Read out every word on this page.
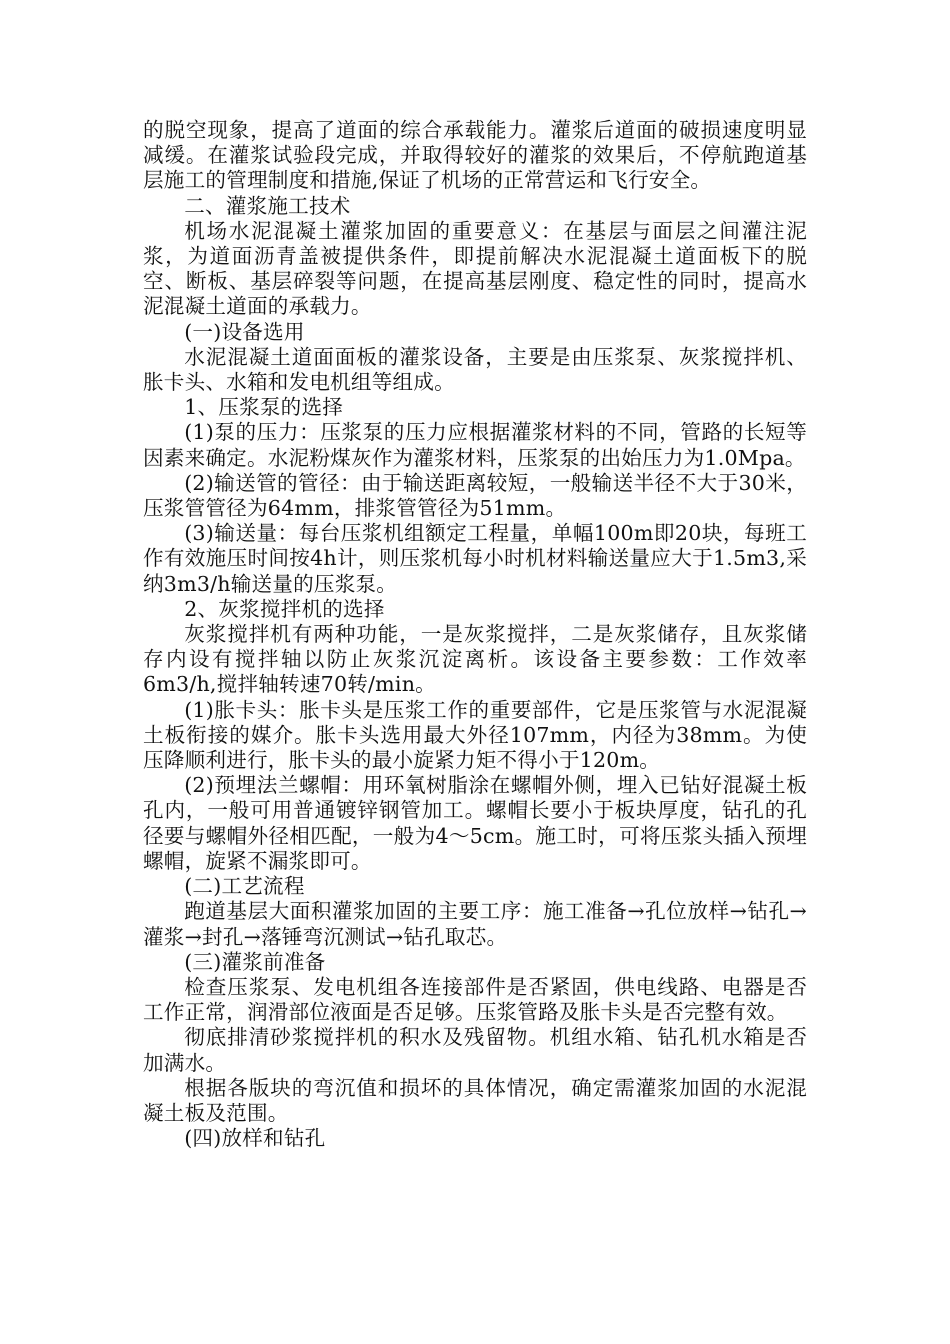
的脱空现象，提高了道面的综合承载能力。灌浆后道面的破损速度明显减缓。在灌浆试验段完成，并取得较好的灌浆的效果后，不停航跑道基层施工的管理制度和措施,保证了机场的正常营运和飞行安全。

二、灌浆施工技术

机场水泥混凝土灌浆加固的重要意义：在基层与面层之间灌注泥浆，为道面沥青盖被提供条件，即提前解决水泥混凝土道面板下的脱空、断板、基层碎裂等问题，在提高基层刚度、稳定性的同时，提高水泥混凝土道面的承载力。

(一)设备选用

水泥混凝土道面面板的灌浆设备，主要是由压浆泵、灰浆搅拌机、胀卡头、水箱和发电机组等组成。

1、压浆泵的选择

(1)泵的压力：压浆泵的压力应根据灌浆材料的不同，管路的长短等因素来确定。水泥粉煤灰作为灌浆材料，压浆泵的出始压力为1.0Mpa。

(2)输送管的管径：由于输送距离较短，一般输送半径不大于30米，压浆管管径为64mm，排浆管管径为51mm。

(3)输送量：每台压浆机组额定工程量，单幅100m即20块，每班工作有效施压时间按4h计，则压浆机每小时机材料输送量应大于1.5m3,采纳3m3/h输送量的压浆泵。

2、灰浆搅拌机的选择

灰浆搅拌机有两种功能，一是灰浆搅拌，二是灰浆储存，且灰浆储存内设有搅拌轴以防止灰浆沉淀离析。该设备主要参数：工作效率6m3/h,搅拌轴转速70转/min。

(1)胀卡头：胀卡头是压浆工作的重要部件，它是压浆管与水泥混凝土板衔接的媒介。胀卡头选用最大外径107mm，内径为38mm。为使压降顺利进行，胀卡头的最小旋紧力矩不得小于120m。

(2)预埋法兰螺帽：用环氧树脂涂在螺帽外侧，埋入已钻好混凝土板孔内，一般可用普通镀锌钢管加工。螺帽长要小于板块厚度，钻孔的孔径要与螺帽外径相匹配，一般为4～5cm。施工时，可将压浆头插入预埋螺帽，旋紧不漏浆即可。

(二)工艺流程

跑道基层大面积灌浆加固的主要工序：施工准备→孔位放样→钻孔→灌浆→封孔→落锤弯沉测试→钻孔取芯。

(三)灌浆前准备

检查压浆泵、发电机组各连接部件是否紧固，供电线路、电器是否工作正常，润滑部位液面是否足够。压浆管路及胀卡头是否完整有效。

彻底排清砂浆搅拌机的积水及残留物。机组水箱、钻孔机水箱是否加满水。

根据各版块的弯沉值和损坏的具体情况，确定需灌浆加固的水泥混凝土板及范围。

(四)放样和钻孔
